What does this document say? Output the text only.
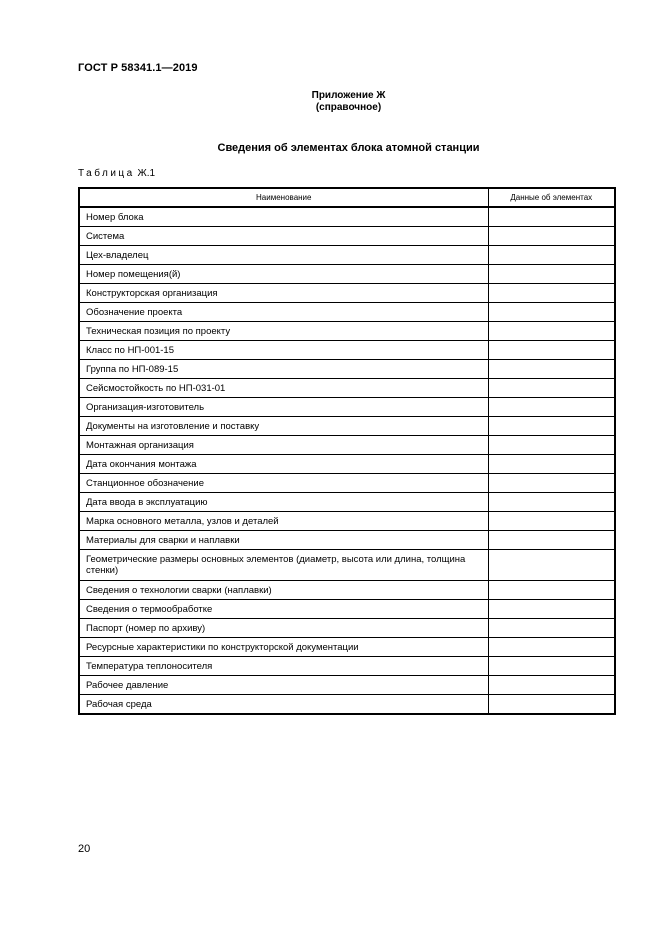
ГОСТ Р 58341.1—2019
Приложение Ж
(справочное)
Сведения об элементах блока атомной станции
Таблица Ж.1
Наименование	Данные об элементах
Номер блока	
Система	
Цех-владелец	
Номер помещения(й)	
Конструкторская организация	
Обозначение проекта	
Техническая позиция по проекту	
Класс по НП-001-15	
Группа по НП-089-15	
Сейсмостойкость по НП-031-01	
Организация-изготовитель	
Документы на изготовление и поставку	
Монтажная организация	
Дата окончания монтажа	
Станционное обозначение	
Дата ввода в эксплуатацию	
Марка основного металла, узлов и деталей	
Материалы для сварки и наплавки	
Геометрические размеры основных элементов (диаметр, высота или длина, толщина стенки)	
Сведения о технологии сварки (наплавки)	
Сведения о термообработке	
Паспорт (номер по архиву)	
Ресурсные характеристики по конструкторской документации	
Температура теплоносителя	
Рабочее давление	
Рабочая среда	
20
